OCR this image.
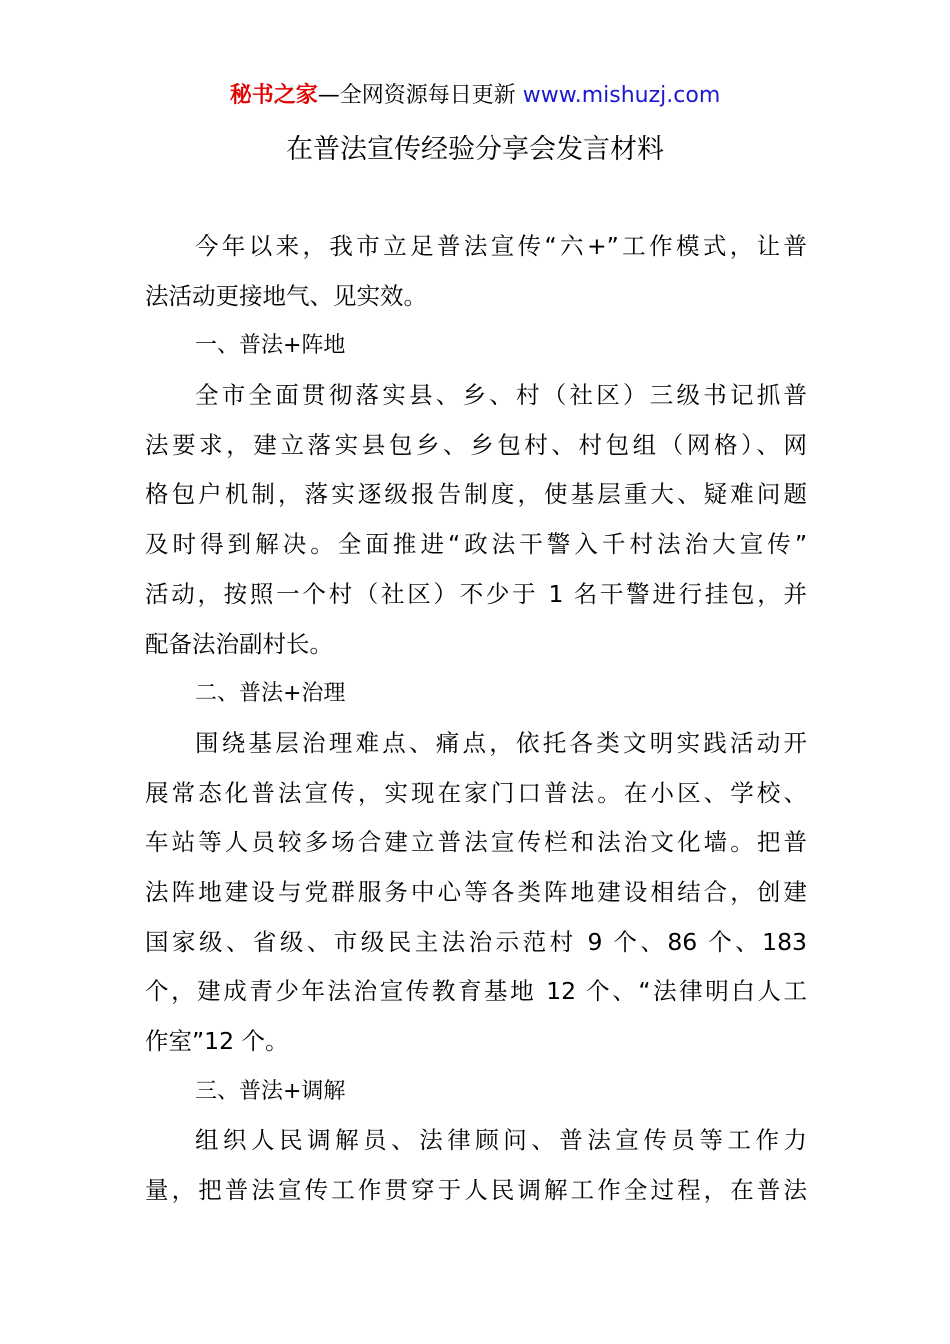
秘书之家—全网资源每日更新 www.mishuzj.com
在普法宣传经验分享会发言材料
今年以来，我市立足普法宣传“六+”工作模式，让普
法活动更接地气、见实效。
一、普法+阵地
全市全面贯彻落实县、乡、村（社区）三级书记抓普
法要求，建立落实县包乡、乡包村、村包组（网格）、网
格包户机制，落实逐级报告制度，使基层重大、疑难问题
及时得到解决。全面推进“政法干警入千村法治大宣传”
活动，按照一个村（社区）不少于 1 名干警进行挂包，并
配备法治副村长。
二、普法+治理
围绕基层治理难点、痛点，依托各类文明实践活动开
展常态化普法宣传，实现在家门口普法。在小区、学校、
车站等人员较多场合建立普法宣传栏和法治文化墙。把普
法阵地建设与党群服务中心等各类阵地建设相结合，创建
国家级、省级、市级民主法治示范村 9 个、86 个、183
个，建成青少年法治宣传教育基地 12 个、“法律明白人工
作室”12 个。
三、普法+调解
组织人民调解员、法律顾问、普法宣传员等工作力
量，把普法宣传工作贯穿于人民调解工作全过程，在普法
